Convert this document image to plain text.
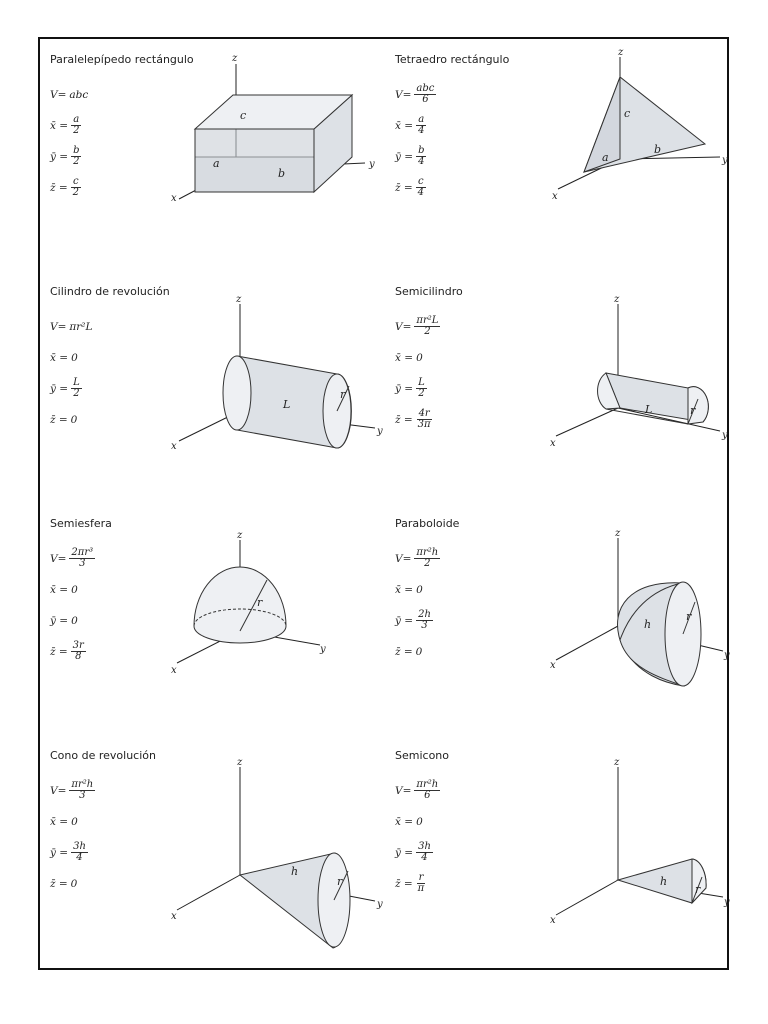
Paralelepípedo rectángulo
V= abc
x̄ = $\frac{a}{2}$
ȳ = $\frac{b}{2}$
z̄ = $\frac{c}{2}$
z
y
x
c
a
b
Tetraedro rectángulo
$V= \frac{\text{abc}}{6}$
x̄ = $\frac{a}{4}$
ȳ = $\frac{b}{4}$
z̄ = $\frac{c}{4}$
z
y
x
c
a
b
Cilindro de revolución
V= πr²L
x̄ = 0
ȳ = $\frac{L}{2}$
z̄ = 0
z
y
x
L
r
Semicilindro
$V= \frac{\text{πr²L}}{2}$
x̄ = 0
ȳ = $\frac{L}{2}$
z̄ = $\frac{4r}{3\pi}$
z
y
x
L	r
Semiesfera
$V= \frac{\text{2πr³}}{3}$
x̄ = 0
ȳ = 0
z̄ = $\frac{3r}{8}$
z
y
x
r
Paraboloide
$V= \frac{\text{πr²h}}{2}$
x̄ = 0
ȳ = $\frac{2h}{3}$
z̄ = 0
z
y
x
h
r
Cono de revolución
$V= \frac{\text{πr²h}}{3}$
x̄ = 0
ȳ = $\frac{3h}{4}$
z̄ = 0
z
y
x
h
r
Semicono
$V= \frac{\text{πr²h}}{6}$
x̄ = 0
ȳ = $\frac{3h}{4}$
z̄ = $\frac{r}{\pi}$
z
y
x
h
r
